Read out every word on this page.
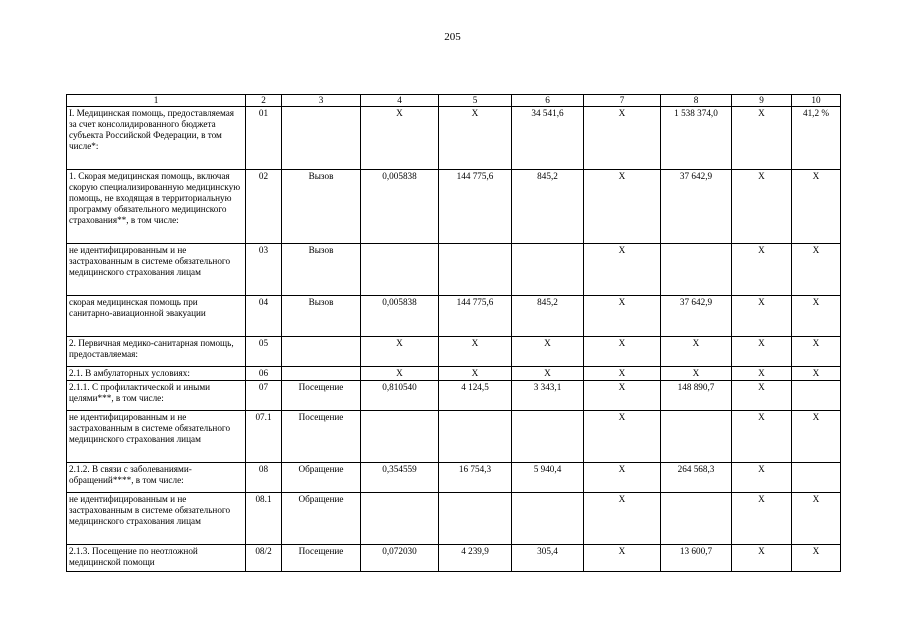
205
1	2	3	4	5	6	7	8	9	10
I. Медицинская помощь, предоставляемая за счет консолидированного бюджета субъекта Российской Федерации, в том числе*:	01		X	X	34 541,6	X	1 538 374,0	X	41,2 %
1. Скорая медицинская помощь, включая скорую специализированную медицинскую помощь, не входящая в территориальную программу обязательного медицинского страхования**, в том числе:	02	Вызов	0,005838	144 775,6	845,2	X	37 642,9	X	X
не идентифицированным и не застрахованным в системе обязательного медицинского страхования лицам	03	Вызов				X		X	X
скорая медицинская помощь при санитарно-авиационной эвакуации	04	Вызов	0,005838	144 775,6	845,2	X	37 642,9	X	X
2. Первичная медико-санитарная помощь, предоставляемая:	05		X	X	X	X	X	X	X
2.1. В амбулаторных условиях:	06		X	X	X	X	X	X	X
2.1.1. С профилактической и иными целями***, в том числе:	07	Посещение	0,810540	4 124,5	3 343,1	X	148 890,7	X	
не идентифицированным и не застрахованным в системе обязательного медицинского страхования лицам	07.1	Посещение				X		X	X
2.1.2. В связи с заболеваниями-обращений****, в том числе:	08	Обращение	0,354559	16 754,3	5 940,4	X	264 568,3	X	
не идентифицированным и не застрахованным в системе обязательного медицинского страхования лицам	08.1	Обращение				X		X	X
2.1.3. Посещение по неотложной медицинской помощи	08/2	Посещение	0,072030	4 239,9	305,4	X	13 600,7	X	X
